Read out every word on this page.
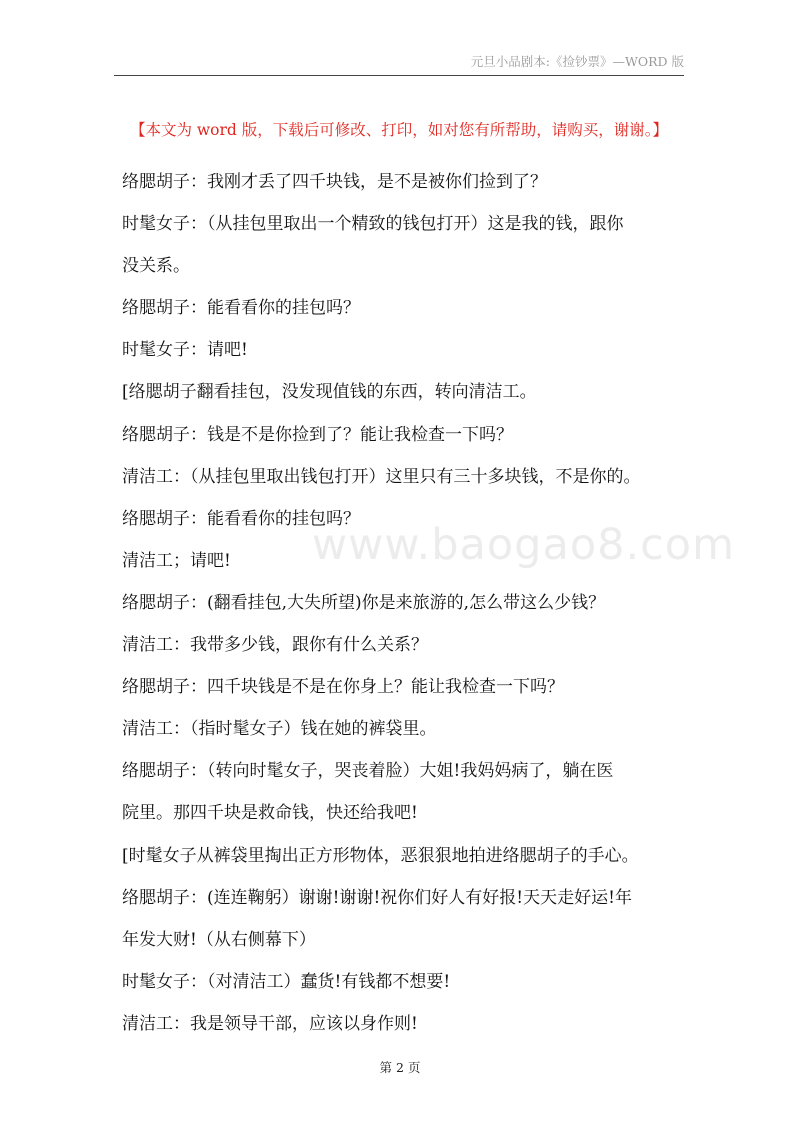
元旦小品剧本:《捡钞票》—WORD 版
【本文为 word 版，下载后可修改、打印，如对您有所帮助，请购买，谢谢。】
络腮胡子：我刚才丢了四千块钱，是不是被你们捡到了？
时髦女子：（从挂包里取出一个精致的钱包打开）这是我的钱，跟你
没关系。
络腮胡子：能看看你的挂包吗？
时髦女子：请吧!
[络腮胡子翻看挂包，没发现值钱的东西，转向清洁工。
络腮胡子：钱是不是你捡到了？能让我检查一下吗？
清洁工：（从挂包里取出钱包打开）这里只有三十多块钱，不是你的。
络腮胡子：能看看你的挂包吗？
清洁工；请吧!
络腮胡子：(翻看挂包,大失所望)你是来旅游的,怎么带这么少钱？
清洁工：我带多少钱，跟你有什么关系？
络腮胡子：四千块钱是不是在你身上？能让我检查一下吗？
清洁工：（指时髦女子）钱在她的裤袋里。
络腮胡子：（转向时髦女子，哭丧着脸）大姐!我妈妈病了，躺在医
院里。那四千块是救命钱，快还给我吧!
[时髦女子从裤袋里掏出正方形物体，恶狠狠地拍进络腮胡子的手心。
络腮胡子：(连连鞠躬）谢谢!谢谢!祝你们好人有好报!天天走好运!年
年发大财!（从右侧幕下）
时髦女子：（对清洁工）蠢货!有钱都不想要!
清洁工：我是领导干部，应该以身作则!
www.baogao8.com
第 2 页
